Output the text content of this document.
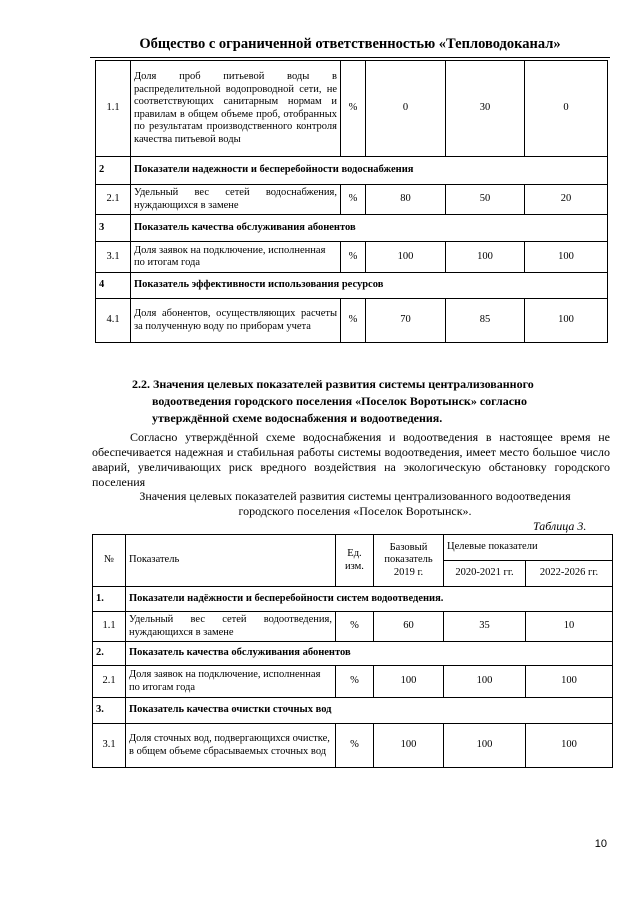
Общество с ограниченной ответственностью «Тепловодоканал»
1.1	Доля проб питьевой воды в распределительной водопроводной сети, не соответствующих санитарным нормам и правилам в общем объеме проб, отобранных по результатам производственного контроля качества питьевой воды	%	0	30	0
2	Показатели надежности и бесперебойности водоснабжения				
2.1	Удельный вес сетей водоснабжения, нуждающихся в замене	%	80	50	20
3	Показатель качества обслуживания абонентов				
3.1	Доля заявок на подключение, исполненная по итогам года	%	100	100	100
4	Показатель эффективности использования ресурсов				
4.1	Доля абонентов, осуществляющих расчеты за полученную воду по приборам учета	%	70	85	100
2.2. Значения целевых показателей развития системы централизованного
водоотведения городского поселения «Поселок Воротынск» согласно
утверждённой схеме водоснабжения и водоотведения.
Согласно утверждённой схеме водоснабжения и водоотведения в настоящее время не обеспечивается надежная и стабильная работы системы водоотведения, имеет место большое число аварий, увеличивающих риск вредного воздействия на экологическую обстановку городского поселения
Значения целевых показателей развития системы централизованного водоотведения
городского поселения «Поселок Воротынск».
Таблица 3.
№	Показатель	Ед. изм.	Базовый показатель 2019 г.	Целевые показатели	
				2020-2021 гг.	2022-2026 гг.
1.	Показатели надёжности и бесперебойности систем водоотведения.				
1.1	Удельный вес сетей водоотведения, нуждающихся в замене	%	60	35	10
2.	Показатель качества обслуживания абонентов				
2.1	Доля заявок на подключение, исполненная по итогам года	%	100	100	100
3.	Показатель качества очистки сточных вод				
3.1	Доля сточных вод, подвергающихся очистке, в общем объеме сбрасываемых сточных вод	%	100	100	100
10
